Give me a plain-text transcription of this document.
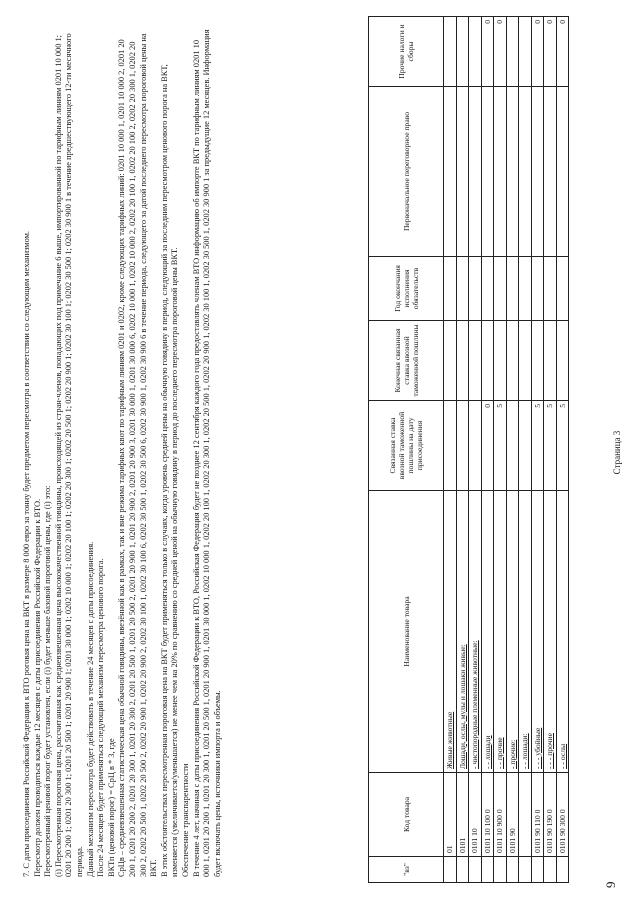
9

7. С даты присоединения Российской Федерации к ВТО роговая цена на ВКТ в размере 8 000 евро за тонну будет предметом пересмотра в соответствии со следующим механизмом. Пересмотр должен проводиться каждые 12 месяцев с даты присоединения Российской Федерации к ВТО. Пересмотренный ценовой порог будет установлен, если (i) будет меньше базовой пороговой цены, где (i) это: (i) Пересмотренная пороговая цена, рассчитанная как средневзвешенная цена высококачественной говядины, происходящей из стран-членов, попадающих под примечание 6 выше, импортированной по тарифным линиям 0201 10 000 1; 0201 20 200 1; 0201 20 300 1; 0201 20 500 1; 0201 20 900 1; 0201 30 000 1; 0202 10 000 1; 0202 20 100 1; 0202 20 300 1; 0202 20 500 1; 0202 20 900 1; 0202 30 100 1; 0202 30 500 1; 0202 30 900 1 в течение предшествующего 12-ти месячного периода. Данный механизм пересмотра будет действовать в течение 24 месяцев с даты присоединения. После 24 месяцев будет применяться следующий механизм пересмотра ценового порога. ВКТп (ценовой порог) = СрЦ в * 3, где СрЦв – средневзвешенная статистическая цена обычной говядины, ввезённой как в рамках, так и вне режима тарифных квот по тарифным линиям 0201 и 0202, кроме следующих тарифных линий: 0201 10 000 1, 0201 10 000 2, 0201 20 200 1, 0201 20 200 2, 0201 20 300 1, 0201 20 300 2, 0201 20 500 1, 0201 20 500 2, 0201 20 900 1, 0201 20 900 2, 0201 20 900 3, 0201 30 000 1, 0201 30 000 6, 0202 10 000 1, 0202 10 000 2, 0202 20 100 1, 0202 20 100 2, 0202 20 300 1, 0202 20 300 2, 0202 20 500 1, 0202 20 500 2, 0202 20 900 1, 0202 20 900 2, 0202 30 100 1, 0202 30 100 6, 0202 30 500 1, 0202 30 500 6, 0202 30 900 1, 0202 30 900 6 в течение периода, следующего за датой последнего пересмотра пороговой цены на ВКТ. В этих обстоятельствах пересмотренная пороговая цена на ВКТ будет применяться только в случаях, когда уровень средней цены на обычную говядину в период, следующий за последним пересмотром ценового порога на ВКТ, изменяется (увеличивается/уменьшается) не менее чем на 20% по сравнению со средней ценой на обычную говядину в период до последнего пересмотра пороговой цены ВКТ. Обеспечение транспарентности В течение 4 лет, начиная с даты присоединения Российской Федерации к ВТО, Российская Федерация будет не позднее 12 сентября каждого года предоставлять членам ВТО информацию об импорте ВКТ по тарифным линиям 0201 10 000 1, 0201 20 200 1, 0201 20 300 1, 0201 20 500 1, 0201 20 900 1, 0201 30 000 1, 0202 10 000 1, 0202 20 100 1, 0202 20 300 1, 0202 20 500 1, 0202 20 900 1, 0202 30 100 1, 0202 30 500 1, 0202 30 900 1 за предыдущие 12 месяцев. Информация будет включать цены, источники импорта и объемы.	"вз"	Код товара	Наименование товара	Связанная ставка ввозной таможенной пошлины на дату присоединения	Конечная связанная ставка ввозной таможенной пошлины	Год окончания исполнения обязательств	Первоначальное переговорное право	Прочие налоги и сборы
	01	Живые животные					
	0101	Лошади, ослы, мулы и лошаки живые:					
	0101 10	- чистопородные племенные животные:					
	0101 10 100 0	- - лошади	0				0
	0101 10 900 0	- - прочие	5				0
	0101 90	- прочие:					
		- - лошади:					
	0101 90 110 0	- - - убойные	5				0
	0101 90 190 0	- - - прочие	5				0
	0101 90 300 0	- - ослы	5				0
Страница 3
